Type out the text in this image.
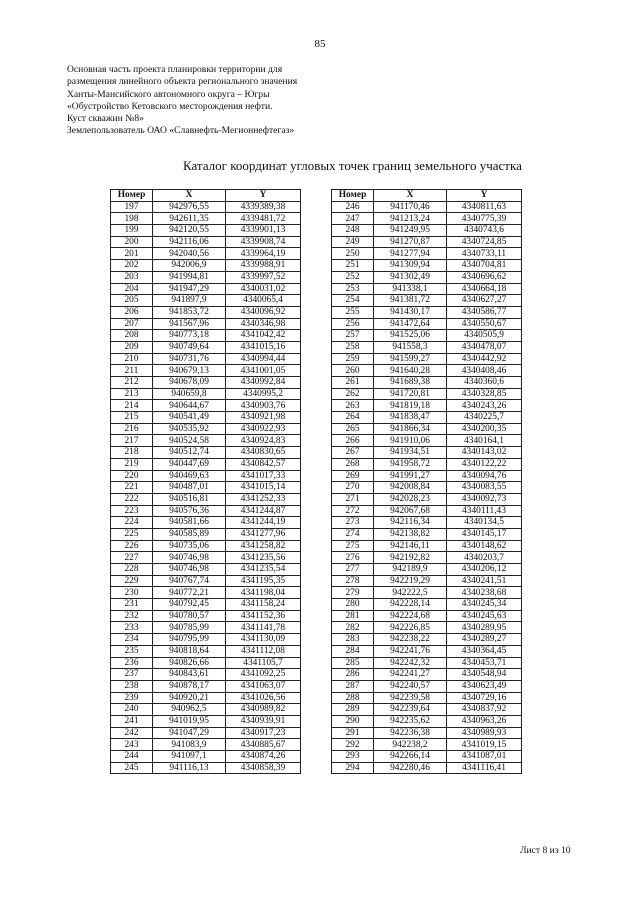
85
Основная часть проекта планировки территории для
размещения линейного объекта регионального значения
Ханты-Мансийского автономного округа – Югры
«Обустройство Кетовского месторождения нефти.
Куст скважин №8»
Землепользователь ОАО «Славнефть-Мегионнефтегаз»
Каталог координат угловых точек границ земельного участка
Номер	X	Y
197	942976,55	4339389,38
198	942611,35	4339481,72
199	942120,55	4339901,13
200	942116,06	4339908,74
201	942040,56	4339964,19
202	942006,9	4339988,91
203	941994,81	4339997,52
204	941947,29	4340031,02
205	941897,9	4340065,4
206	941853,72	4340096,92
207	941567,96	4340346,98
208	940773,18	4341042,42
209	940749,64	4341015,16
210	940731,76	4340994,44
211	940679,13	4341001,05
212	940678,09	4340992,84
213	940659,8	4340995,2
214	940644,67	4340903,76
215	940541,49	4340921,98
216	940535,92	4340922,93
217	940524,58	4340924,83
218	940512,74	4340830,65
219	940447,69	4340842,57
220	940469,63	4341017,33
221	940487,01	4341015,14
222	940516,81	4341252,33
223	940576,36	4341244,87
224	940581,66	4341244,19
225	940585,89	4341277,96
226	940735,06	4341258,82
227	940746,98	4341235,56
228	940746,98	4341235,54
229	940767,74	4341195,35
230	940772,21	4341198,04
231	940792,45	4341158,24
232	940780,57	4341152,36
233	940785,99	4341141,78
234	940795,99	4341130,09
235	940818,64	4341112,08
236	940826,66	4341105,7
237	940843,61	4341092,25
238	940878,17	4341063,07
239	940920,21	4341026,56
240	940962,5	4340989,82
241	941019,95	4340939,91
242	941047,29	4340917,23
243	941083,9	4340885,67
244	941097,1	4340874,26
245	941116,13	4340858,39
Номер	X	Y
246	941170,46	4340811,63
247	941213,24	4340775,39
248	941249,95	4340743,6
249	941270,87	4340724,85
250	941277,94	4340733,11
251	941309,94	4340704,81
252	941302,49	4340696,62
253	941338,1	4340664,18
254	941381,72	4340627,27
255	941430,17	4340586,77
256	941472,64	4340550,67
257	941525,06	4340505,9
258	941558,3	4340478,07
259	941599,27	4340442,92
260	941640,28	4340408,46
261	941689,38	4340360,6
262	941720,81	4340328,85
263	941819,18	4340243,26
264	941838,47	4340225,7
265	941866,34	4340200,35
266	941910,06	4340164,1
267	941934,51	4340143,02
268	941958,72	4340122,22
269	941991,27	4340094,76
270	942008,84	4340083,55
271	942028,23	4340092,73
272	942067,68	4340111,43
273	942116,34	4340134,5
274	942138,82	4340145,17
275	942146,11	4340148,62
276	942192,82	4340203,7
277	942189,9	4340206,12
278	942219,29	4340241,51
279	942222,5	4340238,68
280	942228,14	4340245,34
281	942224,68	4340245,63
282	942226,85	4340289,95
283	942238,22	4340289,27
284	942241,76	4340364,45
285	942242,32	4340453,71
286	942241,27	4340548,94
287	942240,57	4340623,49
288	942239,58	4340729,16
289	942239,64	4340837,92
290	942235,62	4340963,26
291	942236,38	4340989,93
292	942238,2	4341019,15
293	942266,14	4341087,01
294	942280,46	4341116,41
Лист 8 из 10
